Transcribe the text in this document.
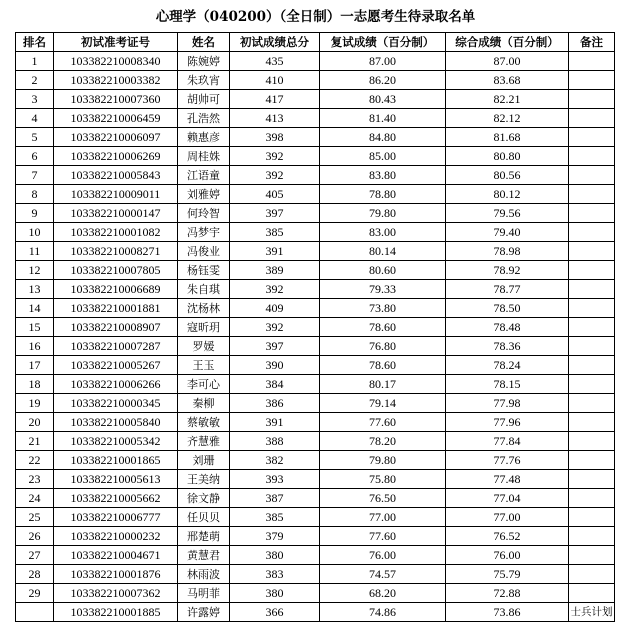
心理学（040200）（全日制）一志愿考生待录取名单
排名	初试准考证号	姓名	初试成绩总分	复试成绩（百分制）	综合成绩（百分制）	备注
1	103382210008340	陈婉婷	435	87.00	87.00	
2	103382210003382	朱玖宵	410	86.20	83.68	
3	103382210007360	胡帅可	417	80.43	82.21	
4	103382210006459	孔浩然	413	81.40	82.12	
5	103382210006097	赖惠彦	398	84.80	81.68	
6	103382210006269	周桂姝	392	85.00	80.80	
7	103382210005843	江语童	392	83.80	80.56	
8	103382210009011	刘雅婷	405	78.80	80.12	
9	103382210000147	何玲智	397	79.80	79.56	
10	103382210001082	冯梦宇	385	83.00	79.40	
11	103382210008271	冯俊业	391	80.14	78.98	
12	103382210007805	杨钰雯	389	80.60	78.92	
13	103382210006689	朱自琪	392	79.33	78.77	
14	103382210001881	沈杨林	409	73.80	78.50	
15	103382210008907	寇昕玥	392	78.60	78.48	
16	103382210007287	罗媛	397	76.80	78.36	
17	103382210005267	王玉	390	78.60	78.24	
18	103382210006266	李可心	384	80.17	78.15	
19	103382210000345	秦柳	386	79.14	77.98	
20	103382210005840	蔡敏敏	391	77.60	77.96	
21	103382210005342	齐慧雅	388	78.20	77.84	
22	103382210001865	刘珊	382	79.80	77.76	
23	103382210005613	王美纳	393	75.80	77.48	
24	103382210005662	徐文静	387	76.50	77.04	
25	103382210006777	任贝贝	385	77.00	77.00	
26	103382210000232	邢楚萌	379	77.60	76.52	
27	103382210004671	黄慧君	380	76.00	76.00	
28	103382210001876	林雨波	383	74.57	75.79	
29	103382210007362	马明菲	380	68.20	72.88	
	103382210001885	许露婷	366	74.86	73.86	士兵计划
